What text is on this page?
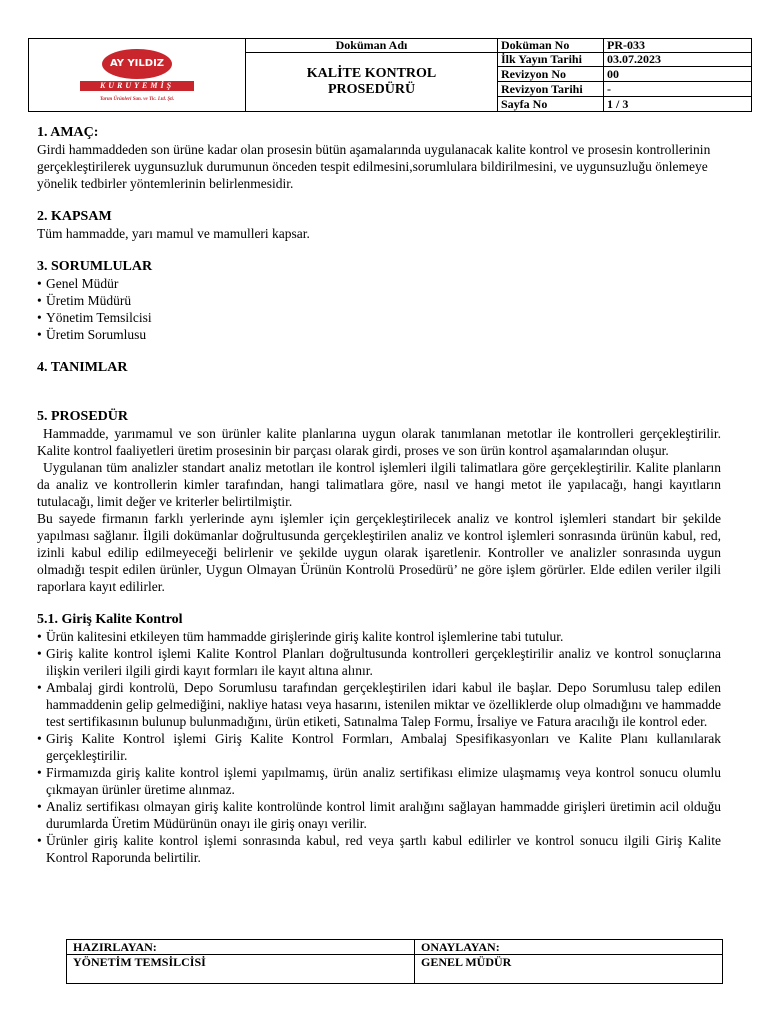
AY YILDIZ
KURUYEMİŞ
Tarım Ürünleri San. ve Tic. Ltd. Şti.	Doküman Adı	Doküman No	PR-033
	KALİTE KONTROL
PROSEDÜRÜ	İlk Yayın Tarihi	03.07.2023
		Revizyon No	00
		Revizyon Tarihi	-
		Sayfa No	1 / 3

1. AMAÇ:

Girdi hammaddeden son ürüne kadar olan prosesin bütün aşamalarında uygulanacak kalite kontrol ve prosesin kontrollerinin gerçekleştirilerek uygunsuzluk durumunun önceden tespit edilmesini,sorumlulara bildirilmesini, ve uygunsuzluğu önlemeye yönelik tedbirler yöntemlerinin belirlenmesidir.

2. KAPSAM

Tüm hammadde, yarı mamul ve mamulleri kapsar.

3. SORUMLULAR

• Genel Müdür
• Üretim Müdürü
• Yönetim Temsilcisi
• Üretim Sorumlusu

4. TANIMLAR

5. PROSEDÜR

Hammadde, yarımamul ve son ürünler kalite planlarına uygun olarak tanımlanan metotlar ile kontrolleri gerçekleştirilir. Kalite kontrol faaliyetleri üretim prosesinin bir parçası olarak girdi, proses ve son ürün kontrol aşamalarından oluşur.

Uygulanan tüm analizler standart analiz metotları ile kontrol işlemleri ilgili talimatlara göre gerçekleştirilir. Kalite planların da analiz ve kontrollerin kimler tarafından, hangi talimatlara göre, nasıl ve hangi metot ile yapılacağı, hangi kayıtların tutulacağı, limit değer ve kriterler belirtilmiştir.

Bu sayede firmanın farklı yerlerinde aynı işlemler için gerçekleştirilecek analiz ve kontrol işlemleri standart bir şekilde yapılması sağlanır. İlgili dokümanlar doğrultusunda gerçekleştirilen analiz ve kontrol işlemleri sonrasında ürünün kabul, red, izinli kabul edilip edilmeyeceği belirlenir ve şekilde uygun olarak işaretlenir. Kontroller ve analizler sonrasında uygun olmadığı tespit edilen ürünler, Uygun Olmayan Ürünün Kontrolü Prosedürü’ ne göre işlem görürler. Elde edilen veriler ilgili raporlara kayıt edilirler.

5.1. Giriş Kalite Kontrol

• Ürün kalitesini etkileyen tüm hammadde girişlerinde giriş kalite kontrol işlemlerine tabi tutulur.
• Giriş kalite kontrol işlemi Kalite Kontrol Planları doğrultusunda kontrolleri gerçekleştirilir analiz ve kontrol sonuçlarına ilişkin verileri ilgili girdi kayıt formları ile kayıt altına alınır.
• Ambalaj girdi kontrolü, Depo Sorumlusu tarafından gerçekleştirilen idari kabul ile başlar. Depo Sorumlusu talep edilen hammaddenin gelip gelmediğini, nakliye hatası veya hasarını, istenilen miktar ve özelliklerde olup olmadığını ve hammadde test sertifikasının bulunup bulunmadığını, ürün etiketi, Satınalma Talep Formu, İrsaliye ve Fatura aracılığı ile kontrol eder.
• Giriş Kalite Kontrol işlemi Giriş Kalite Kontrol Formları, Ambalaj Spesifikasyonları ve Kalite Planı kullanılarak gerçekleştirilir.
• Firmamızda giriş kalite kontrol işlemi yapılmamış, ürün analiz sertifikası elimize ulaşmamış veya kontrol sonucu olumlu çıkmayan ürünler üretime alınmaz.
• Analiz sertifikası olmayan giriş kalite kontrolünde kontrol limit aralığını sağlayan hammadde girişleri üretimin acil olduğu durumlarda Üretim Müdürünün onayı ile giriş onayı verilir.
• Ürünler giriş kalite kontrol işlemi sonrasında kabul, red veya şartlı kabul edilirler ve kontrol sonucu ilgili Giriş Kalite Kontrol Raporunda belirtilir.
HAZIRLAYAN:	ONAYLAYAN:
YÖNETİM TEMSİLCİSİ	GENEL MÜDÜR
